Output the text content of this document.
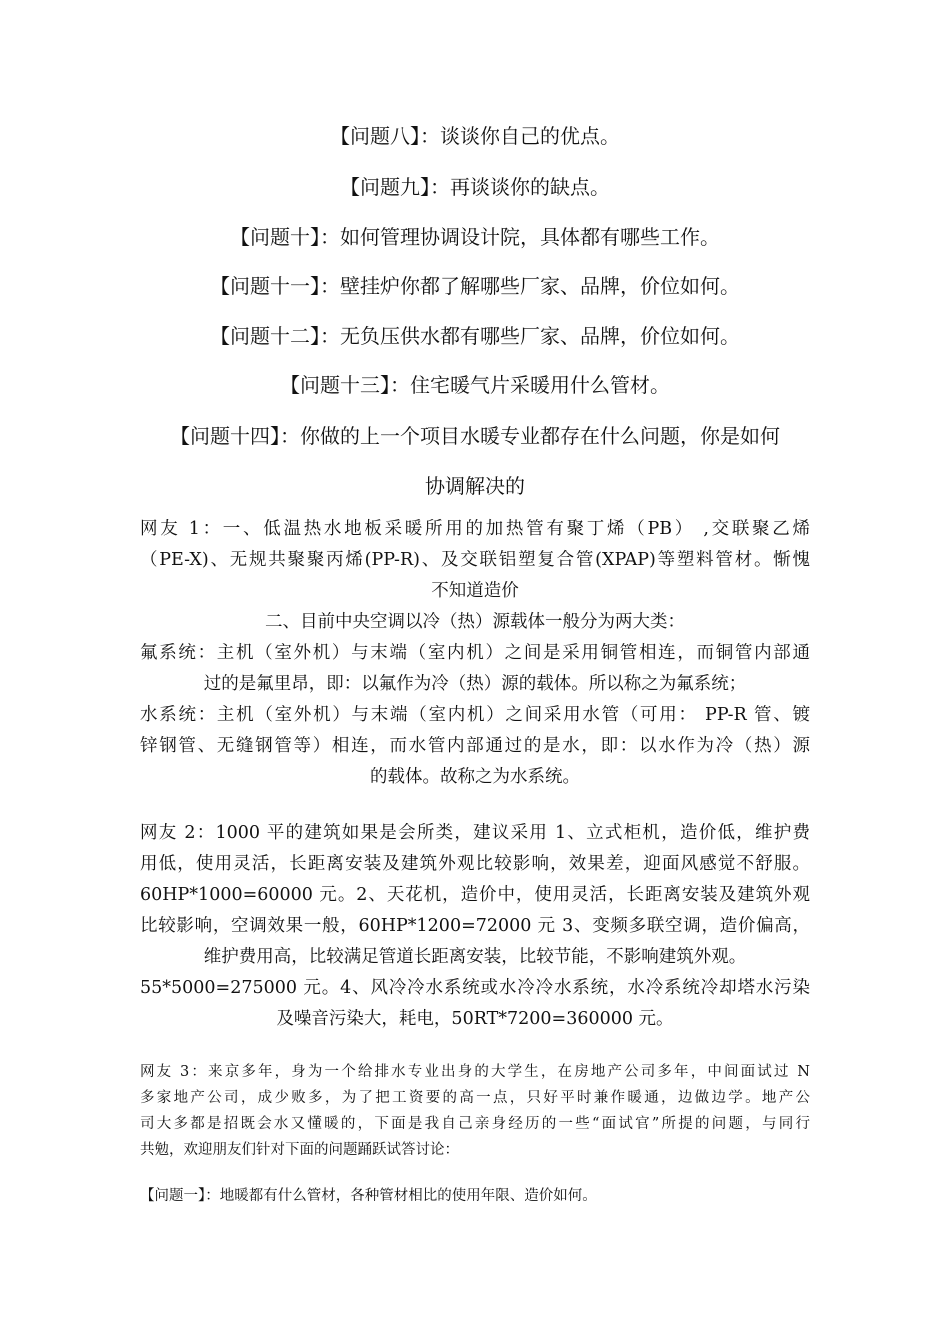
【问题八】：谈谈你自己的优点。
【问题九】：再谈谈你的缺点。
【问题十】：如何管理协调设计院，具体都有哪些工作。
【问题十一】：壁挂炉你都了解哪些厂家、品牌，价位如何。
【问题十二】：无负压供水都有哪些厂家、品牌，价位如何。
【问题十三】：住宅暖气片采暖用什么管材。
【问题十四】：你做的上一个项目水暖专业都存在什么问题，你是如何
协调解决的
网友 1：一、低温热水地板采暖所用的加热管有聚丁烯（PB） ,交联聚乙烯
（PE-X)、无规共聚聚丙烯(PP-R)、及交联铝塑复合管(XPAP)等塑料管材。惭愧
不知道造价
二、目前中央空调以冷（热）源载体一般分为两大类：
氟系统：主机（室外机）与末端（室内机）之间是采用铜管相连，而铜管内部通
过的是氟里昂，即：以氟作为冷（热）源的载体。所以称之为氟系统；
水系统：主机（室外机）与末端（室内机）之间采用水管（可用： PP-R 管、镀
锌钢管、无缝钢管等）相连，而水管内部通过的是水，即：以水作为冷（热）源
的载体。故称之为水系统。
网友 2：1000 平的建筑如果是会所类，建议采用 1、立式柜机，造价低，维护费
用低，使用灵活，长距离安装及建筑外观比较影响，效果差，迎面风感觉不舒服。
60HP*1000=60000 元。2、天花机，造价中，使用灵活，长距离安装及建筑外观
比较影响，空调效果一般，60HP*1200=72000 元 3、变频多联空调，造价偏高，
维护费用高，比较满足管道长距离安装，比较节能，不影响建筑外观。
55*5000=275000 元。4、风冷冷水系统或水冷冷水系统，水冷系统冷却塔水污染
及噪音污染大，耗电，50RT*7200=360000 元。
网友 3：来京多年，身为一个给排水专业出身的大学生，在房地产公司多年，中间面试过 N
多家地产公司，成少败多，为了把工资要的高一点，只好平时兼作暖通，边做边学。地产公
司大多都是招既会水又懂暖的，下面是我自己亲身经历的一些“面试官”所提的问题，与同行
共勉，欢迎朋友们针对下面的问题踊跃试答讨论：
【问题一】：地暖都有什么管材，各种管材相比的使用年限、造价如何。
